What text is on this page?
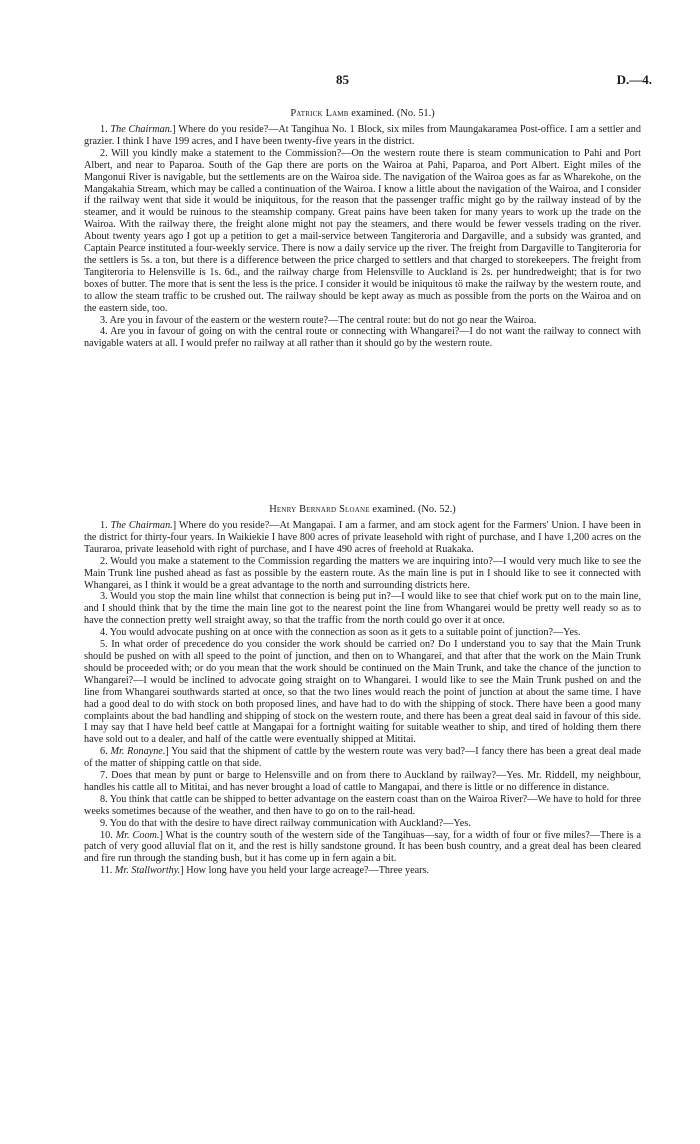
85	D.—4.

Patrick Lamb examined. (No. 51.)

1. The Chairman.] Where do you reside?—At Tangihua No. 1 Block, six miles from Maungakaramea Post-office. I am a settler and grazier. I think I have 199 acres, and I have been twenty-five years in the district.

2. Will you kindly make a statement to the Commission?—On the western route there is steam communication to Pahi and Port Albert, and near to Paparoa. South of the Gap there are ports on the Wairoa at Pahi, Paparoa, and Port Albert. Eight miles of the Mangonui River is navigable, but the settlements are on the Wairoa side. The navigation of the Wairoa goes as far as Wharekohe, on the Mangakahia Stream, which may be called a continuation of the Wairoa. I know a little about the navigation of the Wairoa, and I consider if the railway went that side it would be iniquitous, for the reason that the passenger traffic might go by the railway instead of by the steamer, and it would be ruinous to the steamship company. Great pains have been taken for many years to work up the trade on the Wairoa. With the railway there, the freight alone might not pay the steamers, and there would be fewer vessels trading on the river. About twenty years ago I got up a petition to get a mail-service between Tangiteroria and Dargaville, and a subsidy was granted, and Captain Pearce instituted a four-weekly service. There is now a daily service up the river. The freight from Dargaville to Tangiteroria for the settlers is 5s. a ton, but there is a difference between the price charged to settlers and that charged to storekeepers. The freight from Tangiteroria to Helensville is 1s. 6d., and the railway charge from Helensville to Auckland is 2s. per hundredweight; that is for two boxes of butter. The more that is sent the less is the price. I consider it would be iniquitous tö make the railway by the western route, and to allow the steam traffic to be crushed out. The railway should be kept away as much as possible from the ports on the Wairoa and on the eastern side, too.

3. Are you in favour of the eastern or the western route?—The central route: but do not go near the Wairoa.

4. Are you in favour of going on with the central route or connecting with Whangarei?—I do not want the railway to connect with navigable waters at all. I would prefer no railway at all rather than it should go by the western route.

Henry Bernard Sloane examined. (No. 52.)

1. The Chairman.] Where do you reside?—At Mangapai. I am a farmer, and am stock agent for the Farmers' Union. I have been in the district for thirty-four years. In Waikiekie I have 800 acres of private leasehold with right of purchase, and I have 1,200 acres on the Tauraroa, private leasehold with right of purchase, and I have 490 acres of freehold at Ruakaka.

2. Would you make a statement to the Commission regarding the matters we are inquiring into?—I would very much like to see the Main Trunk line pushed ahead as fast as possible by the eastern route. As the main line is put in I should like to see it connected with Whangarei, as I think it would be a great advantage to the north and surrounding districts here.

3. Would you stop the main line whilst that connection is being put in?—I would like to see that chief work put on to the main line, and I should think that by the time the main line got to the nearest point the line from Whangarei would be pretty well ready so as to have the connection pretty well straight away, so that the traffic from the north could go over it at once.

4. You would advocate pushing on at once with the connection as soon as it gets to a suitable point of junction?—Yes.

5. In what order of precedence do you consider the work should be carried on? Do I understand you to say that the Main Trunk should be pushed on with all speed to the point of junction, and then on to Whangarei, and that after that the work on the Main Trunk should be proceeded with; or do you mean that the work should be continued on the Main Trunk, and take the chance of the junction to Whangarei?—I would be inclined to advocate going straight on to Whangarei. I would like to see the Main Trunk pushed on and the line from Whangarei southwards started at once, so that the two lines would reach the point of junction at about the same time. I have had a good deal to do with stock on both proposed lines, and have had to do with the shipping of stock. There have been a good many complaints about the bad handling and shipping of stock on the western route, and there has been a great deal said in favour of this side. I may say that I have held beef cattle at Mangapai for a fortnight waiting for suitable weather to ship, and tired of holding them there have sold out to a dealer, and half of the cattle were eventually shipped at Mititai.

6. Mr. Ronayne.] You said that the shipment of cattle by the western route was very bad?—I fancy there has been a great deal made of the matter of shipping cattle on that side.

7. Does that mean by punt or barge to Helensville and on from there to Auckland by railway?—Yes. Mr. Riddell, my neighbour, handles his cattle all to Mititai, and has never brought a load of cattle to Mangapai, and there is little or no difference in distance.

8. You think that cattle can be shipped to better advantage on the eastern coast than on the Wairoa River?—We have to hold for three weeks sometimes because of the weather, and then have to go on to the rail-head.

9. You do that with the desire to have direct railway communication with Auckland?—Yes.

10. Mr. Coom.] What is the country south of the western side of the Tangihuas—say, for a width of four or five miles?—There is a patch of very good alluvial flat on it, and the rest is hilly sandstone ground. It has been bush country, and a great deal has been cleared and fire run through the standing bush, but it has come up in fern again a bit.

11. Mr. Stallworthy.] How long have you held your large acreage?—Three years.
